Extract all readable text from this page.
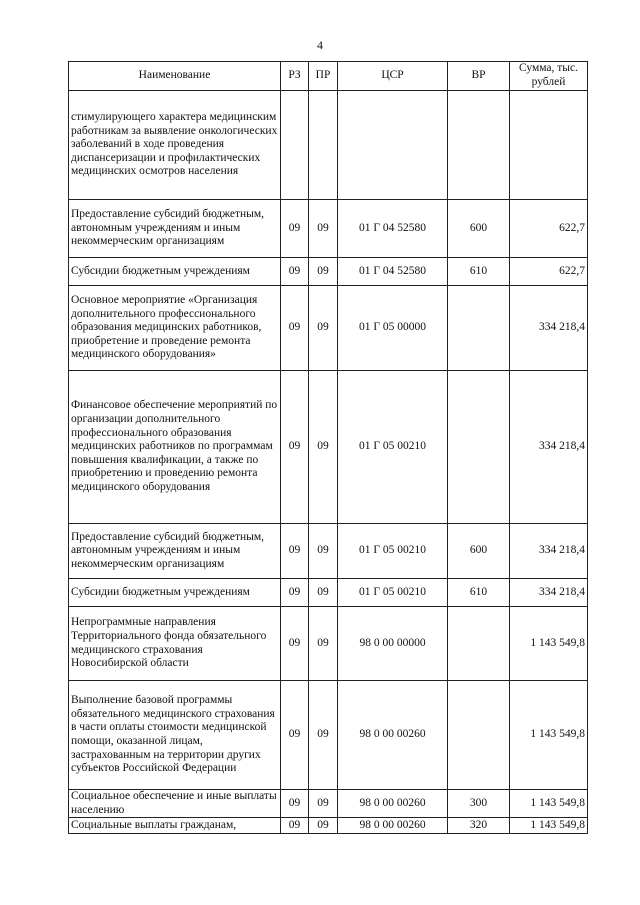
4
Наименование	РЗ	ПР	ЦСР	ВР	Сумма, тыс. рублей
стимулирующего характера медицинским работникам за выявление онкологических заболеваний в ходе проведения диспансеризации и профилактических медицинских осмотров населения					
Предоставление субсидий бюджетным, автономным учреждениям и иным некоммерческим организациям	09	09	01 Г 04 52580	600	622,7
Субсидии бюджетным учреждениям	09	09	01 Г 04 52580	610	622,7
Основное мероприятие «Организация дополнительного профессионального образования медицинских работников, приобретение и проведение ремонта медицинского оборудования»	09	09	01 Г 05 00000		334 218,4
Финансовое обеспечение мероприятий по организации дополнительного профессионального образования медицинских работников по программам повышения квалификации, а также по приобретению и проведению ремонта медицинского оборудования	09	09	01 Г 05 00210		334 218,4
Предоставление субсидий бюджетным, автономным учреждениям и иным некоммерческим организациям	09	09	01 Г 05 00210	600	334 218,4
Субсидии бюджетным учреждениям	09	09	01 Г 05 00210	610	334 218,4
Непрограммные направления Территориального фонда обязательного медицинского страхования Новосибирской области	09	09	98 0 00 00000		1 143 549,8
Выполнение базовой программы обязательного медицинского страхования в части оплаты стоимости медицинской помощи, оказанной лицам, застрахованным на территории других субъектов Российской Федерации	09	09	98 0 00 00260		1 143 549,8
Социальное обеспечение и иные выплаты населению	09	09	98 0 00 00260	300	1 143 549,8
Социальные выплаты гражданам,	09	09	98 0 00 00260	320	1 143 549,8
